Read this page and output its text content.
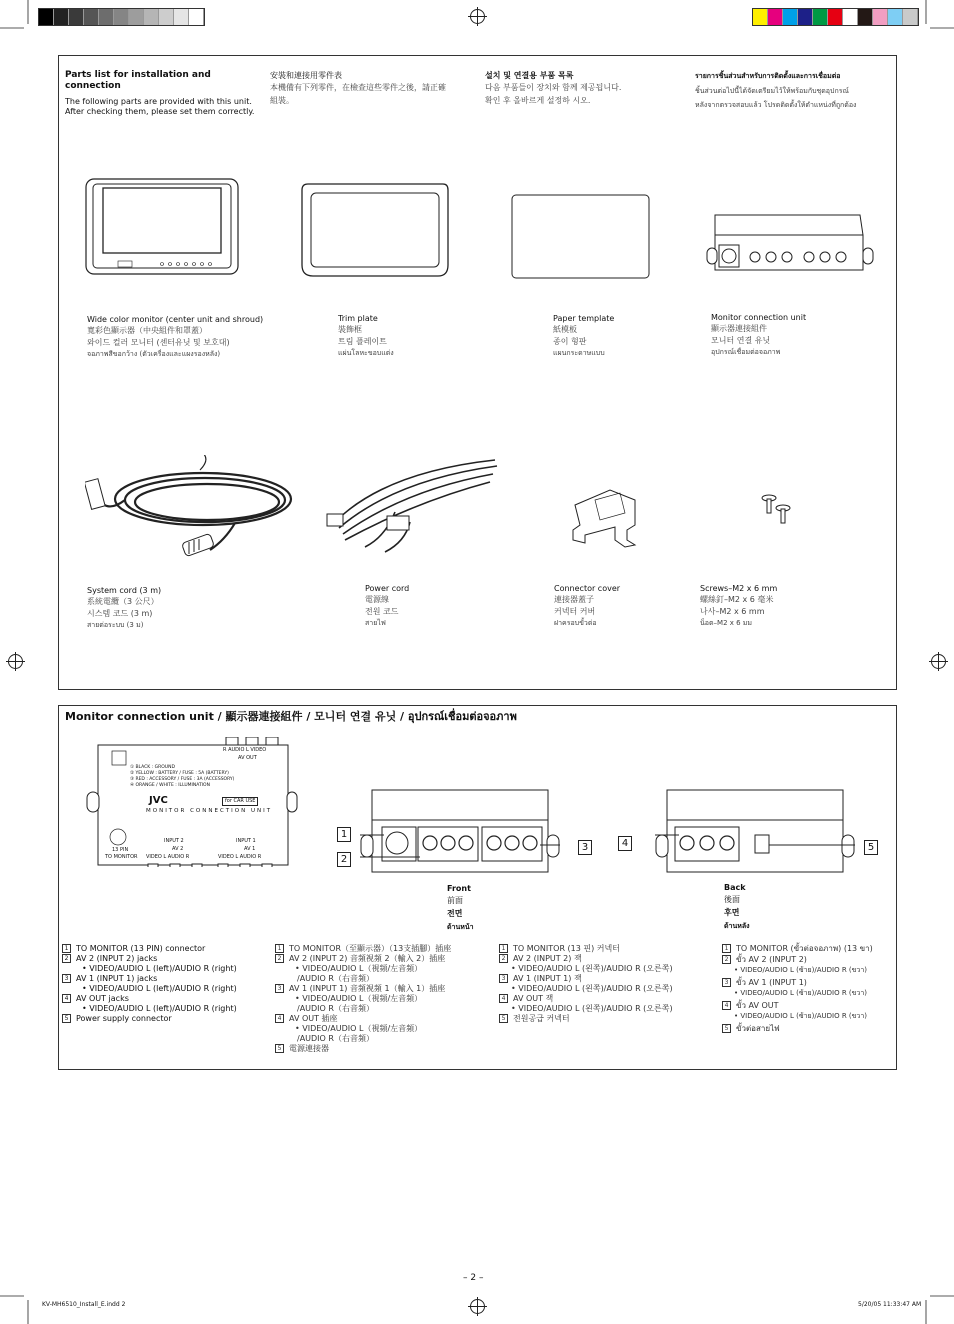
Parts list for installation and connection
The following parts are provided with this unit.
After checking them, please set them correctly.
安裝和連接用零件表
本機備有下列零件，在檢查這些零件之後，請正確
組裝。
설치 및 연결용 부품 목록
다음 부품들이 장치와 함께 제공됩니다.
확인 후 올바르게 설정하 시오.
รายการชิ้นส่วนสำหรับการติดตั้งและการเชื่อมต่อ
ชิ้นส่วนต่อไปนี้ได้จัดเตรียมไว้ให้พร้อมกับชุดอุปกรณ์
หลังจากตรวจสอบแล้ว โปรดติดตั้งให้ตำแหน่งที่ถูกต้อง
Wide color monitor (center unit and shroud)
寬彩色顯示器（中央組件和罩蓋）
와이드 컬러 모니터 (센터유닛 및 보호대)
จอภาพสีขอกว้าง (ตัวเครื่องและแผงรองหลัง)
Trim plate
裝飾框
트림 플레이트
แผ่นโลหะขอบแต่ง
Paper template
紙模板
종이 형판
แผนกระดาษแบบ
Monitor connection unit
顯示器連接組件
모니터 연결 유닛
อุปกรณ์เชื่อมต่อจอภาพ
System cord (3 m)
系統電纜（3 公尺）
시스템 코드 (3 m)
สายต่อระบบ (3 ม)
Power cord
電源線
전원 코드
สายไฟ
Connector cover
連接器蓋子
커넥터 커버
ฝาครอบขั้วต่อ
Screws–M2 x 6 mm
螺絲釘–M2 x 6 毫米
나사–M2 x 6 mm
น็อต–M2 x 6 มม
Monitor connection unit / 顯示器連接組件 / 모니터 연결 유닛 / อุปกรณ์เชื่อมต่อจอภาพ
R AUDIO L VIDEO
AV OUT
① BLACK : GROUND
② YELLOW : BATTERY / FUSE : 5A (BATTERY)
③ RED : ACCESSORY / FUSE : 3A (ACCESSORY)
④ ORANGE / WHITE : ILLUMINATION
JVC	for CAR USE
MONITOR CONNECTION UNIT
INPUT 2	INPUT 1
AV 2	AV 1
13 PIN
TO MONITOR VIDEO L AUDIO R	VIDEO L AUDIO R
1
2
3
Front
前面
전면
ด้านหน้า
4	5
Back
後面
후면
ด้านหลัง
1 TO MONITOR (13 PIN) connector
2 AV 2 (INPUT 2) jacks
• VIDEO/AUDIO L (left)/AUDIO R (right)
3 AV 1 (INPUT 1) jacks
• VIDEO/AUDIO L (left)/AUDIO R (right)
4 AV OUT jacks
• VIDEO/AUDIO L (left)/AUDIO R (right)
5 Power supply connector
1 TO MONITOR（至顯示器）（13支插腳）插座
2 AV 2 (INPUT 2) 音頻視頻 2（輸入 2）插座
• VIDEO/AUDIO L（視頻/左音頻）
/AUDIO R（右音頻）
3 AV 1 (INPUT 1) 音頻視頻 1（輸入 1）插座
• VIDEO/AUDIO L（視頻/左音頻）
/AUDIO R（右音頻）
4 AV OUT 插座
• VIDEO/AUDIO L（視頻/左音頻）
/AUDIO R（右音頻）
5 電源連接器
1 TO MONITOR (13 핀) 커넥터
2 AV 2 (INPUT 2) 잭
• VIDEO/AUDIO L (왼쪽)/AUDIO R (오른쪽)
3 AV 1 (INPUT 1) 잭
• VIDEO/AUDIO L (왼쪽)/AUDIO R (오른쪽)
4 AV OUT 잭
• VIDEO/AUDIO L (왼쪽)/AUDIO R (오른쪽)
5 전원공급 커넥터
1 TO MONITOR (ขั้วต่อจอภาพ) (13 ขา)
2 ขั้ว AV 2 (INPUT 2)
• VIDEO/AUDIO L (ซ้าย)/AUDIO R (ขวา)
3 ขั้ว AV 1 (INPUT 1)
• VIDEO/AUDIO L (ซ้าย)/AUDIO R (ขวา)
4 ขั้ว AV OUT
• VIDEO/AUDIO L (ซ้าย)/AUDIO R (ขวา)
5 ขั้วต่อสายไฟ
– 2 –
KV-MH6510_Install_E.indd 2	5/20/05 11:33:47 AM
